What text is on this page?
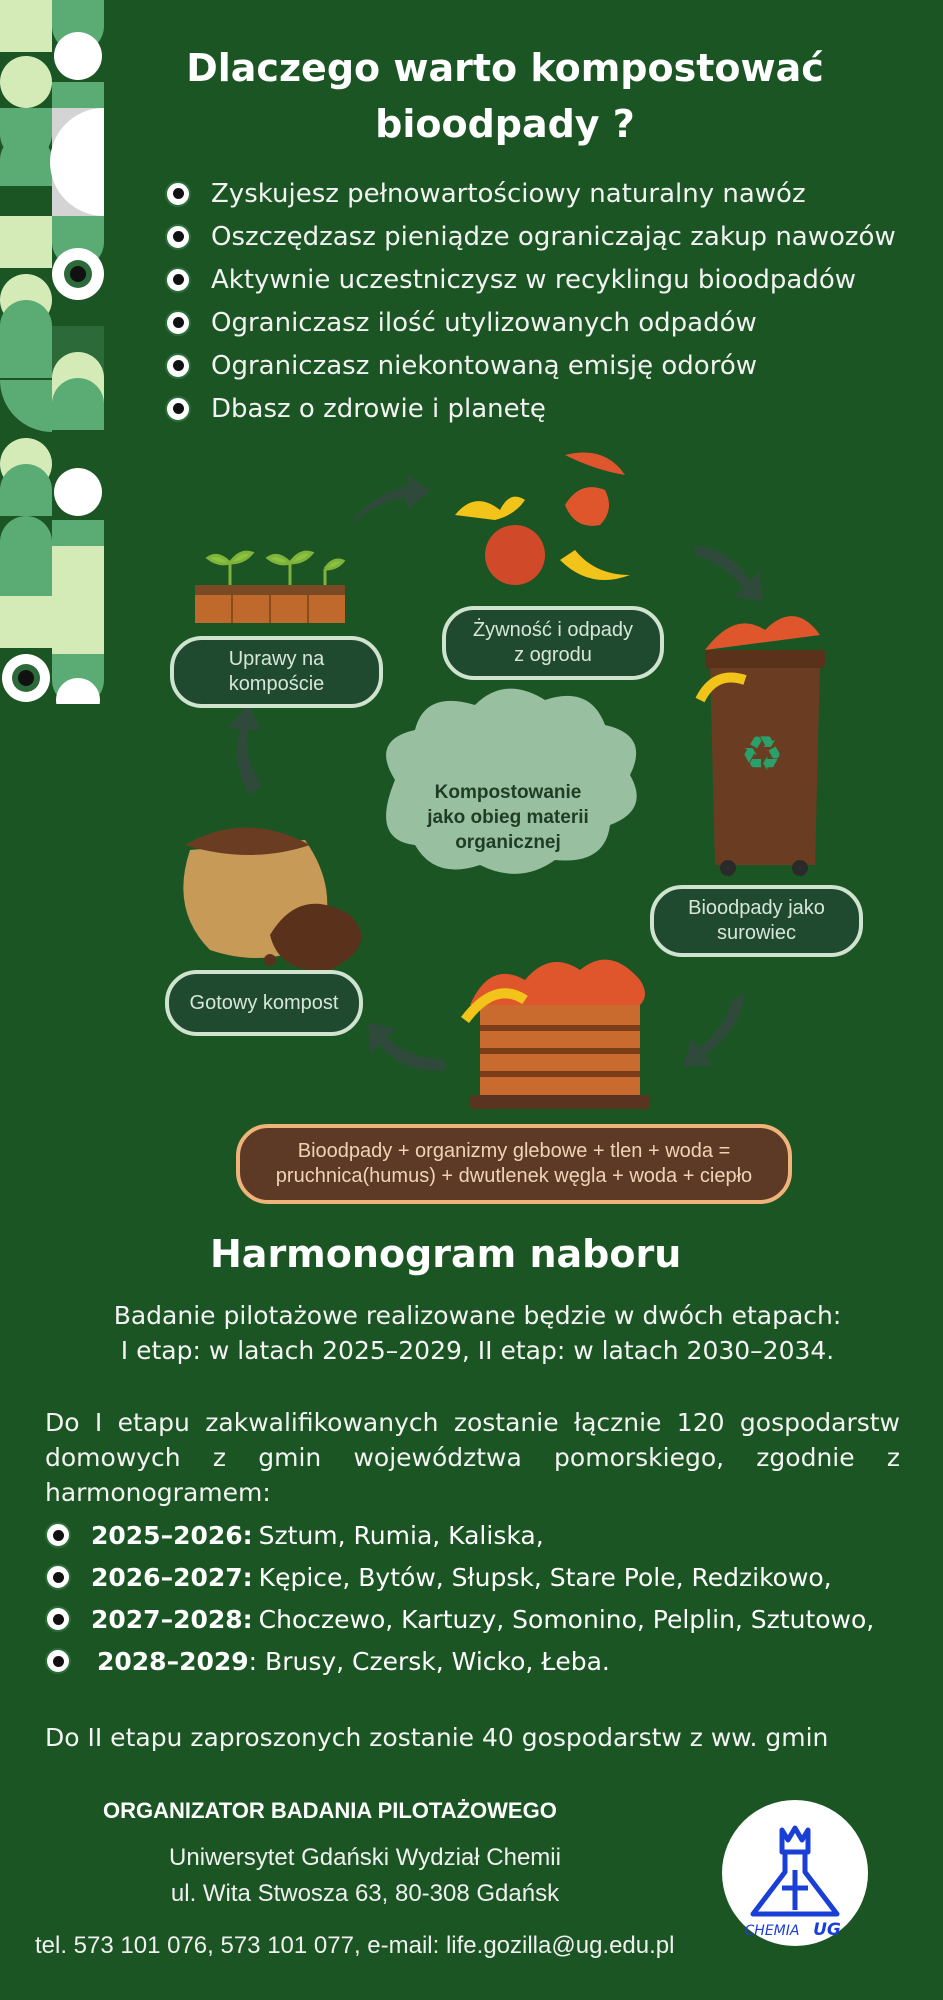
Dlaczego warto kompostować bioodpady ?
Zyskujesz pełnowartościowy naturalny nawóz
Oszczędzasz pieniądze ograniczając zakup nawozów
Aktywnie uczestniczysz w recyklingu bioodpadów
Ograniczasz ilość utylizowanych odpadów
Ograniczasz niekontowaną emisję odorów
Dbasz o zdrowie i planetę
♻
Kompostowanie
jako obieg materii
organicznej
Uprawy na kompoście
Żywność i odpady z ogrodu
Bioodpady jako surowiec
Gotowy kompost
Bioodpady + organizmy glebowe + tlen + woda = pruchnica(humus) + dwutlenek węgla + woda + ciepło
Harmonogram naboru
Badanie pilotażowe realizowane będzie w dwóch etapach:
I etap: w latach 2025–2029, II etap: w latach 2030–2034.
Do I etapu zakwalifikowanych zostanie łącznie 120 gospodarstw domowych z gmin województwa pomorskiego, zgodnie z harmonogramem:
2025–2026: Sztum, Rumia, Kaliska,
2026–2027: Kępice, Bytów, Słupsk, Stare Pole, Redzikowo,
2027–2028: Choczewo, Kartuzy, Somonino, Pelplin, Sztutowo,
2028–2029 : Brusy, Czersk, Wicko, Łeba.
Do II etapu zaproszonych zostanie 40 gospodarstw z ww. gmin
ORGANIZATOR BADANIA PILOTAŻOWEGO
Uniwersytet Gdański Wydział Chemii
ul. Wita Stwosza 63, 80-308 Gdańsk
tel. 573 101 076, 573 101 077, e-mail: life.gozilla@ug.edu.pl
CHEMIA UG
